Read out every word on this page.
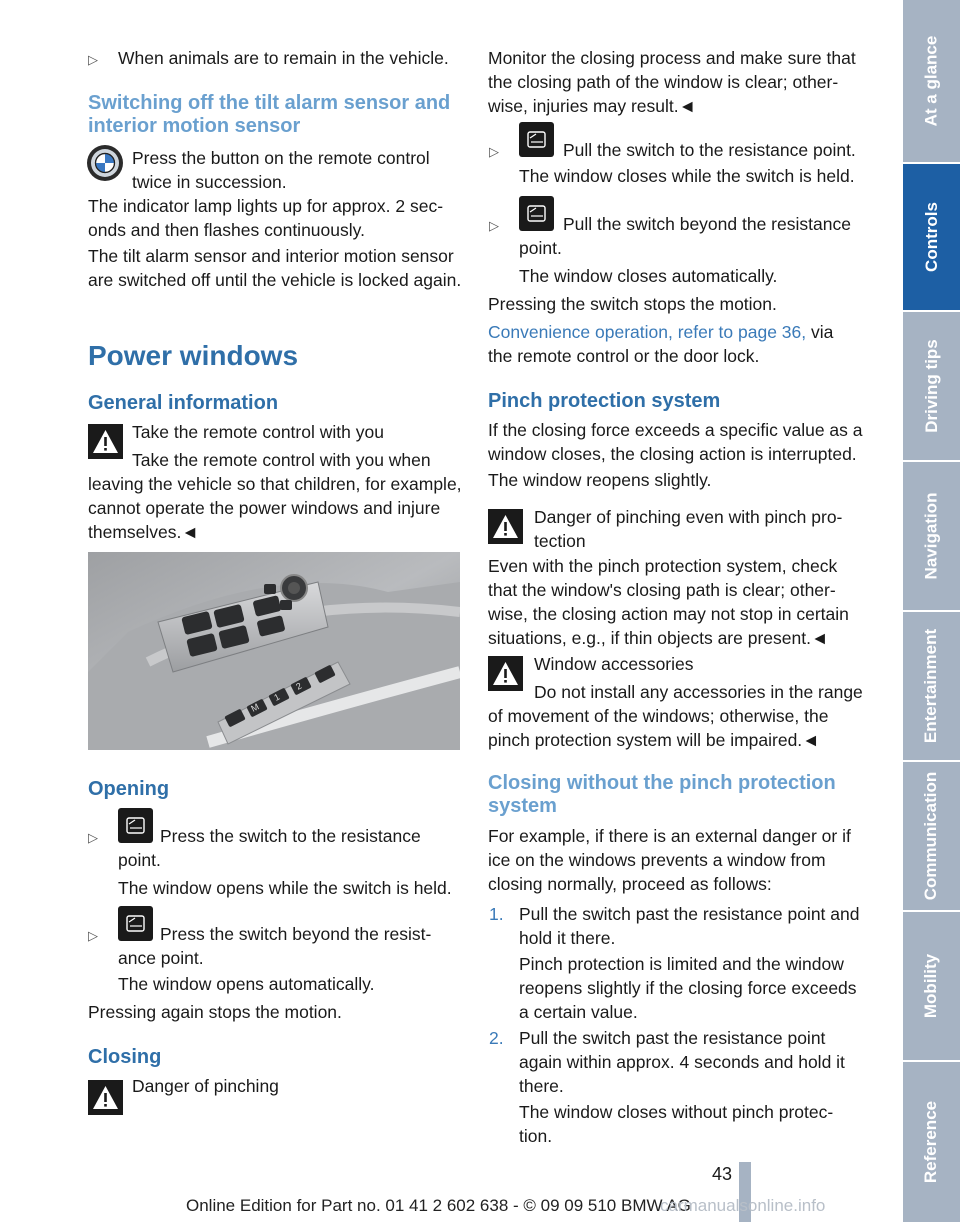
▷ When animals are to remain in the vehicle.
Switching off the tilt alarm sensor and interior motion sensor
Press the button on the remote control twice in succession.
The indicator lamp lights up for approx. 2 sec-onds and then flashes continuously.
The tilt alarm sensor and interior motion sensor are switched off until the vehicle is locked again.
Power windows
General information
Take the remote control with you
Take the remote control with you when leaving the vehicle so that children, for example, cannot operate the power windows and injure themselves.◄
M
1
2
Opening
▷	Press the switch to the resistance point.
The window opens while the switch is held.
▷	Press the switch beyond the resist-ance point.
The window opens automatically.
Pressing again stops the motion.
Closing
Danger of pinching
Monitor the closing process and make sure that the closing path of the window is clear; other-wise, injuries may result.◄
▷	Pull the switch to the resistance point.
The window closes while the switch is held.
▷	Pull the switch beyond the resistance point.
The window closes automatically.
Pressing the switch stops the motion.
Convenience operation, refer to page 36, via the remote control or the door lock.
Pinch protection system
If the closing force exceeds a specific value as a window closes, the closing action is interrupted.
The window reopens slightly.
Danger of pinching even with pinch pro-tection
Even with the pinch protection system, check that the window's closing path is clear; other-wise, the closing action may not stop in certain situations, e.g., if thin objects are present.◄
Window accessories
Do not install any accessories in the range of movement of the windows; otherwise, the pinch protection system will be impaired.◄
Closing without the pinch protection system
For example, if there is an external danger or if ice on the windows prevents a window from closing normally, proceed as follows:
1. Pull the switch past the resistance point and hold it there.
Pinch protection is limited and the window reopens slightly if the closing force exceeds a certain value.
2. Pull the switch past the resistance point again within approx. 4 seconds and hold it there.
The window closes without pinch protec-tion.
At a glance
Controls
Driving tips
Navigation
Entertainment
Communication
Mobility
Reference
43
Online Edition for Part no. 01 41 2 602 638 - © 09 09 510 BMW AG
carmanualsonline.info
